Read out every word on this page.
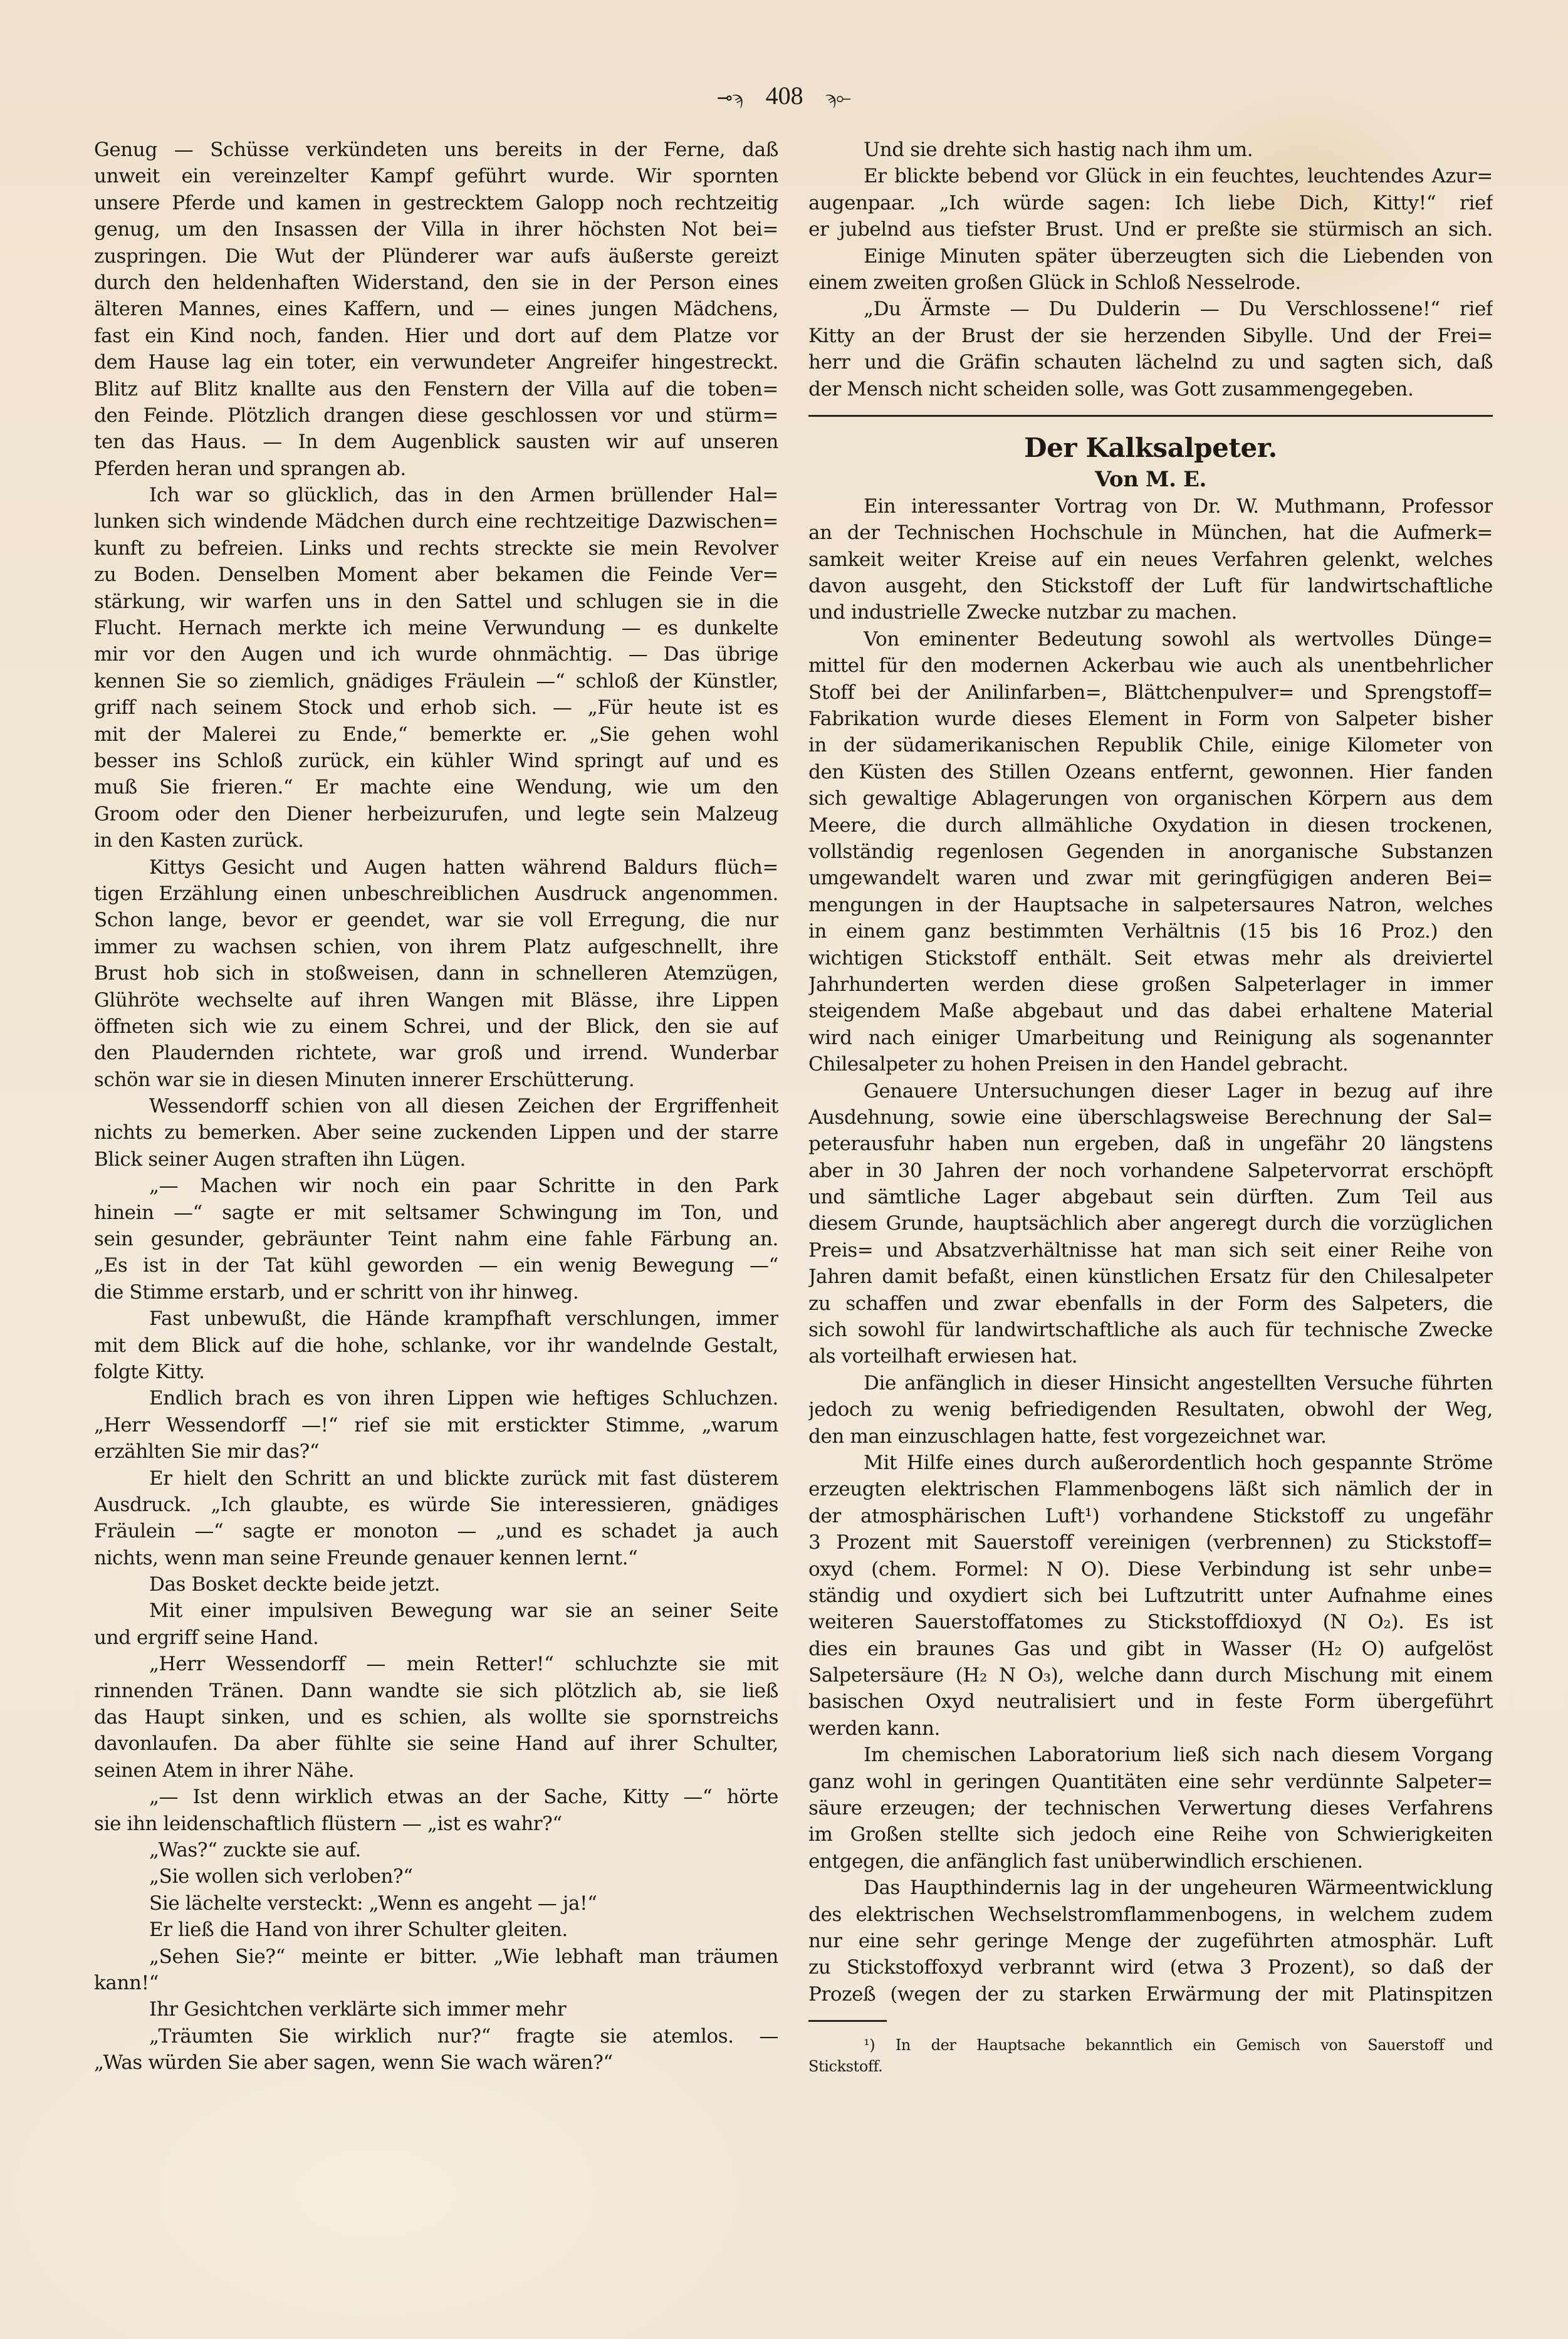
⊸ϡ 408 ϡ⟜
Genug — Schüsse verkündeten uns bereits in der Ferne, daß
unweit ein vereinzelter Kampf geführt wurde. Wir spornten
unsere Pferde und kamen in gestrecktem Galopp noch rechtzeitig
genug, um den Insassen der Villa in ihrer höchsten Not bei=
zuspringen. Die Wut der Plünderer war aufs äußerste gereizt
durch den heldenhaften Widerstand, den sie in der Person eines
älteren Mannes, eines Kaffern, und — eines jungen Mädchens,
fast ein Kind noch, fanden. Hier und dort auf dem Platze vor
dem Hause lag ein toter, ein verwundeter Angreifer hingestreckt.
Blitz auf Blitz knallte aus den Fenstern der Villa auf die toben=
den Feinde. Plötzlich drangen diese geschlossen vor und stürm=
ten das Haus. — In dem Augenblick sausten wir auf unseren
Pferden heran und sprangen ab.
Ich war so glücklich, das in den Armen brüllender Hal=
lunken sich windende Mädchen durch eine rechtzeitige Dazwischen=
kunft zu befreien. Links und rechts streckte sie mein Revolver
zu Boden. Denselben Moment aber bekamen die Feinde Ver=
stärkung, wir warfen uns in den Sattel und schlugen sie in die
Flucht. Hernach merkte ich meine Verwundung — es dunkelte
mir vor den Augen und ich wurde ohnmächtig. — Das übrige
kennen Sie so ziemlich, gnädiges Fräulein —“ schloß der Künstler,
griff nach seinem Stock und erhob sich. — „Für heute ist es
mit der Malerei zu Ende,“ bemerkte er. „Sie gehen wohl
besser ins Schloß zurück, ein kühler Wind springt auf und es
muß Sie frieren.“ Er machte eine Wendung, wie um den
Groom oder den Diener herbeizurufen, und legte sein Malzeug
in den Kasten zurück.
Kittys Gesicht und Augen hatten während Baldurs flüch=
tigen Erzählung einen unbeschreiblichen Ausdruck angenommen.
Schon lange, bevor er geendet, war sie voll Erregung, die nur
immer zu wachsen schien, von ihrem Platz aufgeschnellt, ihre
Brust hob sich in stoßweisen, dann in schnelleren Atemzügen,
Glühröte wechselte auf ihren Wangen mit Blässe, ihre Lippen
öffneten sich wie zu einem Schrei, und der Blick, den sie auf
den Plaudernden richtete, war groß und irrend. Wunderbar
schön war sie in diesen Minuten innerer Erschütterung.
Wessendorff schien von all diesen Zeichen der Ergriffenheit
nichts zu bemerken. Aber seine zuckenden Lippen und der starre
Blick seiner Augen straften ihn Lügen.
„— Machen wir noch ein paar Schritte in den Park
hinein —“ sagte er mit seltsamer Schwingung im Ton, und
sein gesunder, gebräunter Teint nahm eine fahle Färbung an.
„Es ist in der Tat kühl geworden — ein wenig Bewegung —“
die Stimme erstarb, und er schritt von ihr hinweg.
Fast unbewußt, die Hände krampfhaft verschlungen, immer
mit dem Blick auf die hohe, schlanke, vor ihr wandelnde Gestalt,
folgte Kitty.
Endlich brach es von ihren Lippen wie heftiges Schluchzen.
„Herr Wessendorff —!“ rief sie mit erstickter Stimme, „warum
erzählten Sie mir das?“
Er hielt den Schritt an und blickte zurück mit fast düsterem
Ausdruck. „Ich glaubte, es würde Sie interessieren, gnädiges
Fräulein —“ sagte er monoton — „und es schadet ja auch
nichts, wenn man seine Freunde genauer kennen lernt.“
Das Bosket deckte beide jetzt.
Mit einer impulsiven Bewegung war sie an seiner Seite
und ergriff seine Hand.
„Herr Wessendorff — mein Retter!“ schluchzte sie mit
rinnenden Tränen. Dann wandte sie sich plötzlich ab, sie ließ
das Haupt sinken, und es schien, als wollte sie spornstreichs
davonlaufen. Da aber fühlte sie seine Hand auf ihrer Schulter,
seinen Atem in ihrer Nähe.
„— Ist denn wirklich etwas an der Sache, Kitty —“ hörte
sie ihn leidenschaftlich flüstern — „ist es wahr?“
„Was?“ zuckte sie auf.
„Sie wollen sich verloben?“
Sie lächelte versteckt: „Wenn es angeht — ja!“
Er ließ die Hand von ihrer Schulter gleiten.
„Sehen Sie?“ meinte er bitter. „Wie lebhaft man träumen
kann!“
Ihr Gesichtchen verklärte sich immer mehr
„Träumten Sie wirklich nur?“ fragte sie atemlos. —
„Was würden Sie aber sagen, wenn Sie wach wären?“
Und sie drehte sich hastig nach ihm um.
Er blickte bebend vor Glück in ein feuchtes, leuchtendes Azur=
augenpaar. „Ich würde sagen: Ich liebe Dich, Kitty!“ rief
er jubelnd aus tiefster Brust. Und er preßte sie stürmisch an sich.
Einige Minuten später überzeugten sich die Liebenden von
einem zweiten großen Glück in Schloß Nesselrode.
„Du Ärmste — Du Dulderin — Du Verschlossene!“ rief
Kitty an der Brust der sie herzenden Sibylle. Und der Frei=
herr und die Gräfin schauten lächelnd zu und sagten sich, daß
der Mensch nicht scheiden solle, was Gott zusammengegeben.
Der Kalksalpeter.
Von M. E.
Ein interessanter Vortrag von Dr. W. Muthmann, Professor
an der Technischen Hochschule in München, hat die Aufmerk=
samkeit weiter Kreise auf ein neues Verfahren gelenkt, welches
davon ausgeht, den Stickstoff der Luft für landwirtschaftliche
und industrielle Zwecke nutzbar zu machen.
Von eminenter Bedeutung sowohl als wertvolles Dünge=
mittel für den modernen Ackerbau wie auch als unentbehrlicher
Stoff bei der Anilinfarben=, Blättchenpulver= und Sprengstoff=
Fabrikation wurde dieses Element in Form von Salpeter bisher
in der südamerikanischen Republik Chile, einige Kilometer von
den Küsten des Stillen Ozeans entfernt, gewonnen. Hier fanden
sich gewaltige Ablagerungen von organischen Körpern aus dem
Meere, die durch allmähliche Oxydation in diesen trockenen,
vollständig regenlosen Gegenden in anorganische Substanzen
umgewandelt waren und zwar mit geringfügigen anderen Bei=
mengungen in der Hauptsache in salpetersaures Natron, welches
in einem ganz bestimmten Verhältnis (15 bis 16 Proz.) den
wichtigen Stickstoff enthält. Seit etwas mehr als dreiviertel
Jahrhunderten werden diese großen Salpeterlager in immer
steigendem Maße abgebaut und das dabei erhaltene Material
wird nach einiger Umarbeitung und Reinigung als sogenannter
Chilesalpeter zu hohen Preisen in den Handel gebracht.
Genauere Untersuchungen dieser Lager in bezug auf ihre
Ausdehnung, sowie eine überschlagsweise Berechnung der Sal=
peterausfuhr haben nun ergeben, daß in ungefähr 20 längstens
aber in 30 Jahren der noch vorhandene Salpetervorrat erschöpft
und sämtliche Lager abgebaut sein dürften. Zum Teil aus
diesem Grunde, hauptsächlich aber angeregt durch die vorzüglichen
Preis= und Absatzverhältnisse hat man sich seit einer Reihe von
Jahren damit befaßt, einen künstlichen Ersatz für den Chilesalpeter
zu schaffen und zwar ebenfalls in der Form des Salpeters, die
sich sowohl für landwirtschaftliche als auch für technische Zwecke
als vorteilhaft erwiesen hat.
Die anfänglich in dieser Hinsicht angestellten Versuche führten
jedoch zu wenig befriedigenden Resultaten, obwohl der Weg,
den man einzuschlagen hatte, fest vorgezeichnet war.
Mit Hilfe eines durch außerordentlich hoch gespannte Ströme
erzeugten elektrischen Flammenbogens läßt sich nämlich der in
der atmosphärischen Luft¹) vorhandene Stickstoff zu ungefähr
3 Prozent mit Sauerstoff vereinigen (verbrennen) zu Stickstoff=
oxyd (chem. Formel: N O). Diese Verbindung ist sehr unbe=
ständig und oxydiert sich bei Luftzutritt unter Aufnahme eines
weiteren Sauerstoffatomes zu Stickstoffdioxyd (N O₂). Es ist
dies ein braunes Gas und gibt in Wasser (H₂ O) aufgelöst
Salpetersäure (H₂ N O₃), welche dann durch Mischung mit einem
basischen Oxyd neutralisiert und in feste Form übergeführt
werden kann.
Im chemischen Laboratorium ließ sich nach diesem Vorgang
ganz wohl in geringen Quantitäten eine sehr verdünnte Salpeter=
säure erzeugen; der technischen Verwertung dieses Verfahrens
im Großen stellte sich jedoch eine Reihe von Schwierigkeiten
entgegen, die anfänglich fast unüberwindlich erschienen.
Das Haupthindernis lag in der ungeheuren Wärmeentwicklung
des elektrischen Wechselstromflammenbogens, in welchem zudem
nur eine sehr geringe Menge der zugeführten atmosphär. Luft
zu Stickstoffoxyd verbrannt wird (etwa 3 Prozent), so daß der
Prozeß (wegen der zu starken Erwärmung der mit Platinspitzen
¹) In der Hauptsache bekanntlich ein Gemisch von Sauerstoff und
Stickstoff.
